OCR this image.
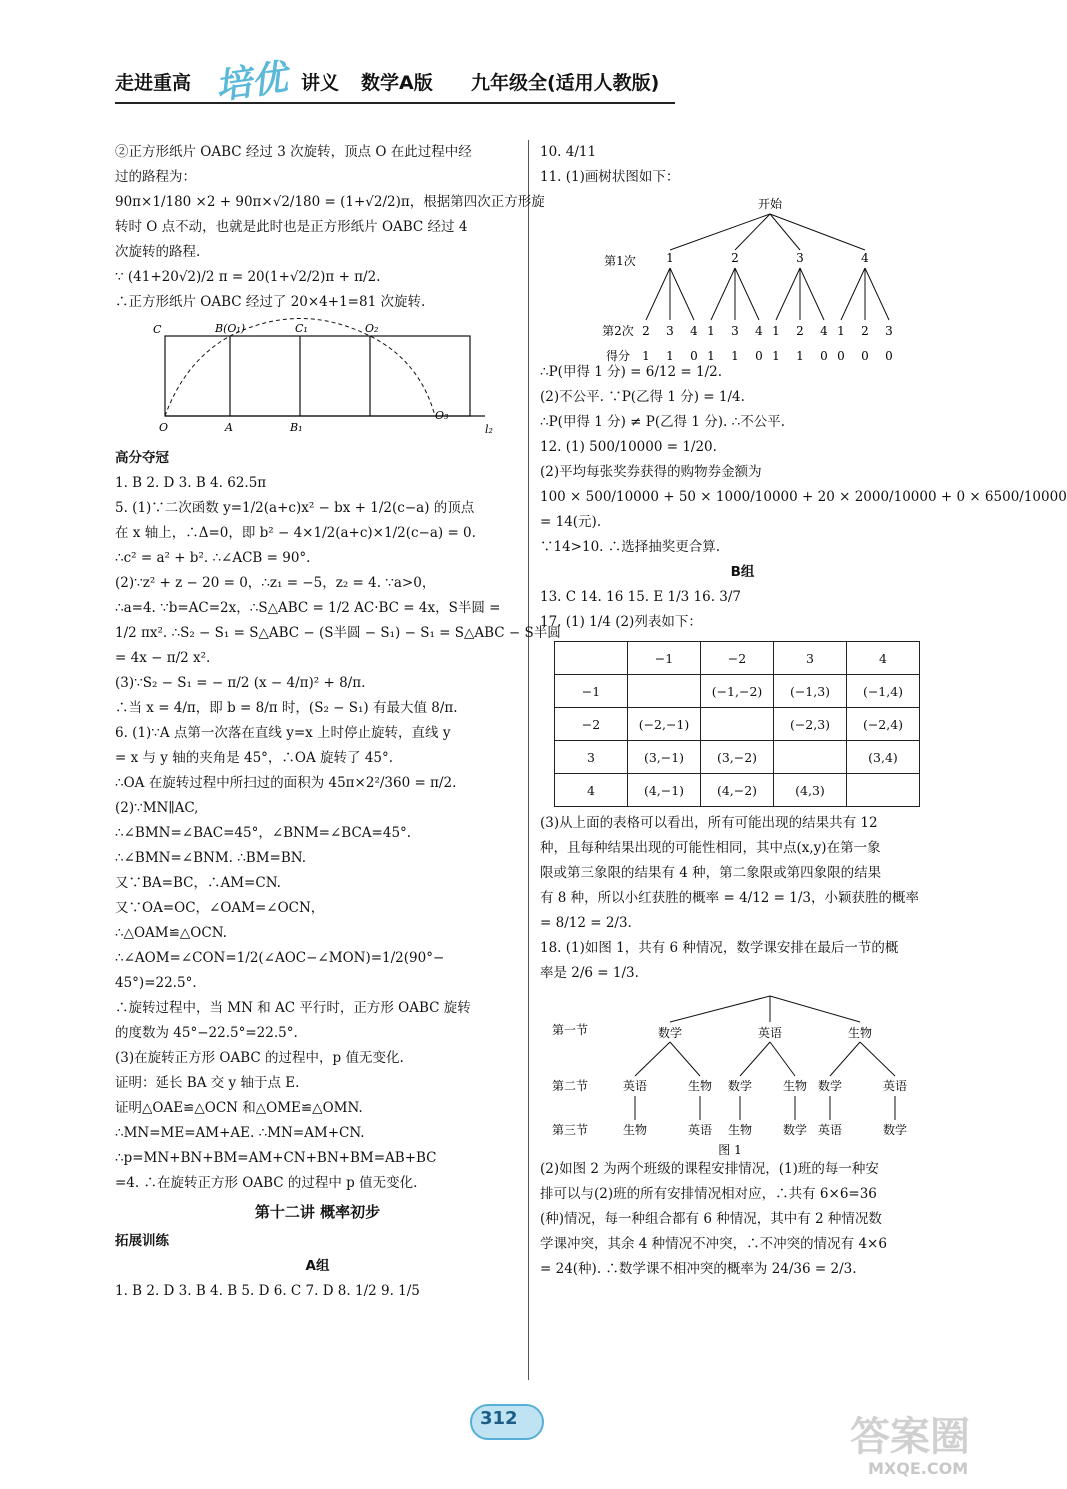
走进重高 培优 讲义 数学A版 九年级全(适用人教版)
②正方形纸片 OABC 经过 3 次旋转，顶点 O 在此过程中经
过的路程为：
90π×1/180 ×2 + 90π×√2/180 = (1+√2/2)π，根据第四次正方形旋
转时 O 点不动，也就是此时也是正方形纸片 OABC 经过 4
次旋转的路程.
∵ (41+20√2)/2 π = 20(1+√2/2)π + π/2.
∴正方形纸片 OABC 经过了 20×4+1=81 次旋转.
C	B(O₁)	C₁	O₂
O	A	B₁
O₃
l₂
高分夺冠
1. B 2. D 3. B 4. 62.5π
5. (1)∵二次函数 y=1/2(a+c)x² − bx + 1/2(c−a) 的顶点
在 x 轴上，∴Δ=0，即 b² − 4×1/2(a+c)×1/2(c−a) = 0.
∴c² = a² + b². ∴∠ACB = 90°.
(2)∵z² + z − 20 = 0，∴z₁ = −5，z₂ = 4. ∵a>0，
∴a=4. ∵b=AC=2x，∴S△ABC = 1/2 AC·BC = 4x，S半圆 =
1/2 πx². ∴S₂ − S₁ = S△ABC − (S半圆 − S₁) − S₁ = S△ABC − S半圆
= 4x − π/2 x².
(3)∵S₂ − S₁ = − π/2 (x − 4/π)² + 8/π.
∴当 x = 4/π，即 b = 8/π 时，(S₂ − S₁) 有最大值 8/π.
6. (1)∵A 点第一次落在直线 y=x 上时停止旋转，直线 y
= x 与 y 轴的夹角是 45°，∴OA 旋转了 45°.
∴OA 在旋转过程中所扫过的面积为 45π×2²/360 = π/2.
(2)∵MN∥AC,
∴∠BMN=∠BAC=45°，∠BNM=∠BCA=45°.
∴∠BMN=∠BNM. ∴BM=BN.
又∵BA=BC，∴AM=CN.
又∵OA=OC，∠OAM=∠OCN，
∴△OAM≌△OCN.
∴∠AOM=∠CON=1/2(∠AOC−∠MON)=1/2(90°−
45°)=22.5°.
∴旋转过程中，当 MN 和 AC 平行时，正方形 OABC 旋转
的度数为 45°−22.5°=22.5°.
(3)在旋转正方形 OABC 的过程中，p 值无变化.
证明：延长 BA 交 y 轴于点 E.
证明△OAE≌△OCN 和△OME≌△OMN.
∴MN=ME=AM+AE. ∴MN=AM+CN.
∴p=MN+BN+BM=AM+CN+BN+BM=AB+BC
=4. ∴在旋转正方形 OABC 的过程中 p 值无变化.
第十二讲 概率初步
拓展训练
A组
1. B 2. D 3. B 4. B 5. D 6. C 7. D 8. 1/2 9. 1/5
10. 4/11
11. (1)画树状图如下：
开始
第1次
第2次
得分
1	2	3	4
2
1
3
1
4
0
1
1
3
1
4
0
1
1
2
1
4
0
1
0
2
0
3
0
∴P(甲得 1 分) = 6/12 = 1/2.
(2)不公平. ∵P(乙得 1 分) = 1/4.
∴P(甲得 1 分) ≠ P(乙得 1 分). ∴不公平.
12. (1) 500/10000 = 1/20.
(2)平均每张奖券获得的购物券金额为
100 × 500/10000 + 50 × 1000/10000 + 20 × 2000/10000 + 0 × 6500/10000
= 14(元).
∵14>10. ∴选择抽奖更合算.
B组
13. C 14. 16 15. E 1/3 16. 3/7
17. (1) 1/4 (2)列表如下：
	−1	−2	3	4
−1		(−1,−2)	(−1,3)	(−1,4)
−2	(−2,−1)		(−2,3)	(−2,4)
3	(3,−1)	(3,−2)		(3,4)
4	(4,−1)	(4,−2)	(4,3)	
(3)从上面的表格可以看出，所有可能出现的结果共有 12
种，且每种结果出现的可能性相同，其中点(x,y)在第一象
限或第三象限的结果有 4 种，第二象限或第四象限的结果
有 8 种，所以小红获胜的概率 = 4/12 = 1/3，小颖获胜的概率
= 8/12 = 2/3.
18. (1)如图 1，共有 6 种情况，数学课安排在最后一节的概
率是 2/6 = 1/3.
第一节
第二节
第三节
数学	英语	生物
英语
生物
生物
英语
数学
生物
生物
数学
数学
英语
英语
数学
图 1
(2)如图 2 为两个班级的课程安排情况，(1)班的每一种安
排可以与(2)班的所有安排情况相对应，∴共有 6×6=36
(种)情况，每一种组合都有 6 种情况，其中有 2 种情况数
学课冲突，其余 4 种情况不冲突，∴不冲突的情况有 4×6
= 24(种). ∴数学课不相冲突的概率为 24/36 = 2/3.
312	答案圈
MXQE.COM
